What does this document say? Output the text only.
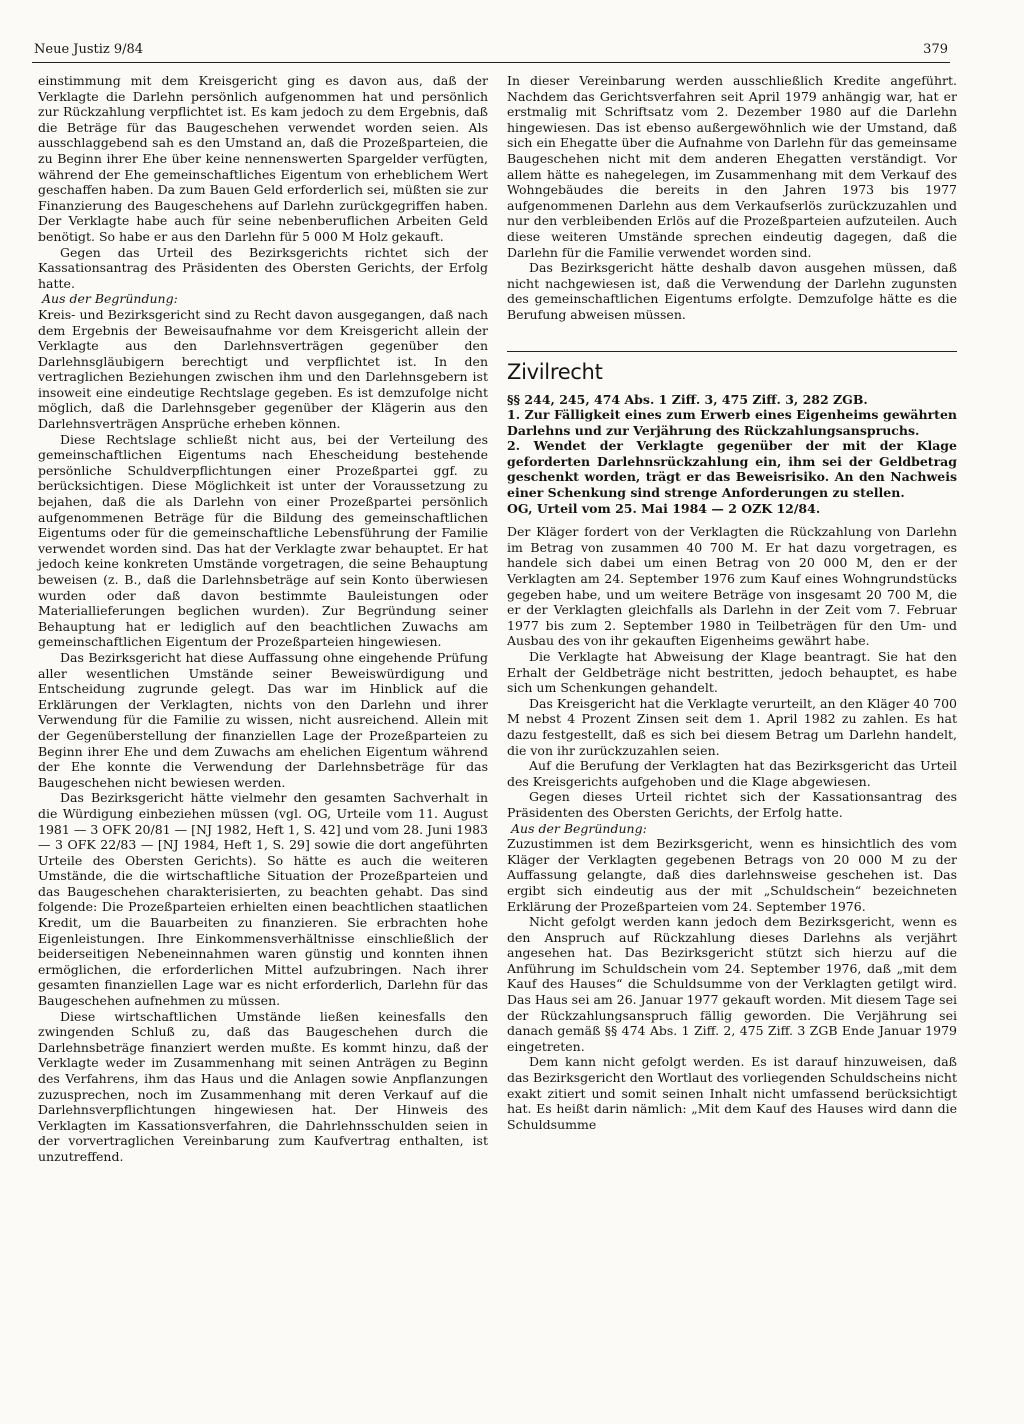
Neue Justiz 9/84	379

einstimmung mit dem Kreisgericht ging es davon aus, daß der Verklagte die Darlehn persönlich aufgenommen hat und persönlich zur Rückzahlung verpflichtet ist. Es kam jedoch zu dem Ergebnis, daß die Beträge für das Baugeschehen verwendet worden seien. Als ausschlaggebend sah es den Umstand an, daß die Prozeßparteien, die zu Beginn ihrer Ehe über keine nennenswerten Spargelder verfügten, während der Ehe gemeinschaftliches Eigentum von erheblichem Wert geschaffen haben. Da zum Bauen Geld erforderlich sei, müßten sie zur Finanzierung des Baugeschehens auf Darlehn zurückgegriffen haben. Der Verklagte habe auch für seine nebenberuflichen Arbeiten Geld benötigt. So habe er aus den Darlehn für 5 000 M Holz gekauft.

Gegen das Urteil des Bezirksgerichts richtet sich der Kassationsantrag des Präsidenten des Obersten Gerichts, der Erfolg hatte.

Aus der Begründung:

Kreis- und Bezirksgericht sind zu Recht davon ausgegangen, daß nach dem Ergebnis der Beweisaufnahme vor dem Kreisgericht allein der Verklagte aus den Darlehnsverträgen gegenüber den Darlehnsgläubigern berechtigt und verpflichtet ist. In den vertraglichen Beziehungen zwischen ihm und den Darlehnsgebern ist insoweit eine eindeutige Rechtslage gegeben. Es ist demzufolge nicht möglich, daß die Darlehnsgeber gegenüber der Klägerin aus den Darlehnsverträgen Ansprüche erheben können.

Diese Rechtslage schließt nicht aus, bei der Verteilung des gemeinschaftlichen Eigentums nach Ehescheidung bestehende persönliche Schuldverpflichtungen einer Prozeßpartei ggf. zu berücksichtigen. Diese Möglichkeit ist unter der Voraussetzung zu bejahen, daß die als Darlehn von einer Prozeßpartei persönlich aufgenommenen Beträge für die Bildung des gemeinschaftlichen Eigentums oder für die gemeinschaftliche Lebensführung der Familie verwendet worden sind. Das hat der Verklagte zwar behauptet. Er hat jedoch keine konkreten Umstände vorgetragen, die seine Behauptung beweisen (z. B., daß die Darlehnsbeträge auf sein Konto überwiesen wurden oder daß davon bestimmte Bauleistungen oder Materiallieferungen beglichen wurden). Zur Begründung seiner Behauptung hat er lediglich auf den beachtlichen Zuwachs am gemeinschaftlichen Eigentum der Prozeßparteien hingewiesen.

Das Bezirksgericht hat diese Auffassung ohne eingehende Prüfung aller wesentlichen Umstände seiner Beweiswürdigung und Entscheidung zugrunde gelegt. Das war im Hinblick auf die Erklärungen der Verklagten, nichts von den Darlehn und ihrer Verwendung für die Familie zu wissen, nicht ausreichend. Allein mit der Gegenüberstellung der finanziellen Lage der Prozeßparteien zu Beginn ihrer Ehe und dem Zuwachs am ehelichen Eigentum während der Ehe konnte die Verwendung der Darlehnsbeträge für das Baugeschehen nicht bewiesen werden.

Das Bezirksgericht hätte vielmehr den gesamten Sachverhalt in die Würdigung einbeziehen müssen (vgl. OG, Urteile vom 11. August 1981 — 3 OFK 20/81 — [NJ 1982, Heft 1, S. 42] und vom 28. Juni 1983 — 3 OFK 22/83 — [NJ 1984, Heft 1, S. 29] sowie die dort angeführten Urteile des Obersten Gerichts). So hätte es auch die weiteren Umstände, die die wirtschaftliche Situation der Prozeßparteien und das Baugeschehen charakterisierten, zu beachten gehabt. Das sind folgende: Die Prozeßparteien erhielten einen beachtlichen staatlichen Kredit, um die Bauarbeiten zu finanzieren. Sie erbrachten hohe Eigenleistungen. Ihre Einkommensverhältnisse einschließlich der beiderseitigen Nebeneinnahmen waren günstig und konnten ihnen ermöglichen, die erforderlichen Mittel aufzubringen. Nach ihrer gesamten finanziellen Lage war es nicht erforderlich, Darlehn für das Baugeschehen aufnehmen zu müssen.

Diese wirtschaftlichen Umstände ließen keinesfalls den zwingenden Schluß zu, daß das Baugeschehen durch die Darlehnsbeträge finanziert werden mußte. Es kommt hinzu, daß der Verklagte weder im Zusammenhang mit seinen Anträgen zu Beginn des Verfahrens, ihm das Haus und die Anlagen sowie Anpflanzungen zuzusprechen, noch im Zusammenhang mit deren Verkauf auf die Darlehnsverpflichtungen hingewiesen hat. Der Hinweis des Verklagten im Kassationsverfahren, die Dahrlehnsschulden seien in der vorvertraglichen Vereinbarung zum Kaufvertrag enthalten, ist unzutreffend.

In dieser Vereinbarung werden ausschließlich Kredite angeführt. Nachdem das Gerichtsverfahren seit April 1979 anhängig war, hat er erstmalig mit Schriftsatz vom 2. Dezember 1980 auf die Darlehn hingewiesen. Das ist ebenso außergewöhnlich wie der Umstand, daß sich ein Ehegatte über die Aufnahme von Darlehn für das gemeinsame Baugeschehen nicht mit dem anderen Ehegatten verständigt. Vor allem hätte es nahegelegen, im Zusammenhang mit dem Verkauf des Wohngebäudes die bereits in den Jahren 1973 bis 1977 aufgenommenen Darlehn aus dem Verkaufserlös zurückzuzahlen und nur den verbleibenden Erlös auf die Prozeßparteien aufzuteilen. Auch diese weiteren Umstände sprechen eindeutig dagegen, daß die Darlehn für die Familie verwendet worden sind.

Das Bezirksgericht hätte deshalb davon ausgehen müssen, daß nicht nachgewiesen ist, daß die Verwendung der Darlehn zugunsten des gemeinschaftlichen Eigentums erfolgte. Demzufolge hätte es die Berufung abweisen müssen.

Zivilrecht

§§ 244, 245, 474 Abs. 1 Ziff. 3, 475 Ziff. 3, 282 ZGB.

1. Zur Fälligkeit eines zum Erwerb eines Eigenheims gewährten Darlehns und zur Verjährung des Rückzahlungsanspruchs.

2. Wendet der Verklagte gegenüber der mit der Klage geforderten Darlehnsrückzahlung ein, ihm sei der Geldbetrag geschenkt worden, trägt er das Beweisrisiko. An den Nachweis einer Schenkung sind strenge Anforderungen zu stellen.

OG, Urteil vom 25. Mai 1984 — 2 OZK 12/84.

Der Kläger fordert von der Verklagten die Rückzahlung von Darlehn im Betrag von zusammen 40 700 M. Er hat dazu vorgetragen, es handele sich dabei um einen Betrag von 20 000 M, den er der Verklagten am 24. September 1976 zum Kauf eines Wohngrundstücks gegeben habe, und um weitere Beträge von insgesamt 20 700 M, die er der Verklagten gleichfalls als Darlehn in der Zeit vom 7. Februar 1977 bis zum 2. September 1980 in Teilbeträgen für den Um- und Ausbau des von ihr gekauften Eigenheims gewährt habe.

Die Verklagte hat Abweisung der Klage beantragt. Sie hat den Erhalt der Geldbeträge nicht bestritten, jedoch behauptet, es habe sich um Schenkungen gehandelt.

Das Kreisgericht hat die Verklagte verurteilt, an den Kläger 40 700 M nebst 4 Prozent Zinsen seit dem 1. April 1982 zu zahlen. Es hat dazu festgestellt, daß es sich bei diesem Betrag um Darlehn handelt, die von ihr zurückzuzahlen seien.

Auf die Berufung der Verklagten hat das Bezirksgericht das Urteil des Kreisgerichts aufgehoben und die Klage abgewiesen.

Gegen dieses Urteil richtet sich der Kassationsantrag des Präsidenten des Obersten Gerichts, der Erfolg hatte.

Aus der Begründung:

Zuzustimmen ist dem Bezirksgericht, wenn es hinsichtlich des vom Kläger der Verklagten gegebenen Betrags von 20 000 M zu der Auffassung gelangte, daß dies darlehnsweise geschehen ist. Das ergibt sich eindeutig aus der mit „Schuldschein“ bezeichneten Erklärung der Prozeßparteien vom 24. September 1976.

Nicht gefolgt werden kann jedoch dem Bezirksgericht, wenn es den Anspruch auf Rückzahlung dieses Darlehns als verjährt angesehen hat. Das Bezirksgericht stützt sich hierzu auf die Anführung im Schuldschein vom 24. September 1976, daß „mit dem Kauf des Hauses“ die Schuldsumme von der Verklagten getilgt wird. Das Haus sei am 26. Januar 1977 gekauft worden. Mit diesem Tage sei der Rückzahlungsanspruch fällig geworden. Die Verjährung sei danach gemäß §§ 474 Abs. 1 Ziff. 2, 475 Ziff. 3 ZGB Ende Januar 1979 eingetreten.

Dem kann nicht gefolgt werden. Es ist darauf hinzuweisen, daß das Bezirksgericht den Wortlaut des vorliegenden Schuldscheins nicht exakt zitiert und somit seinen Inhalt nicht umfassend berücksichtigt hat. Es heißt darin nämlich: „Mit dem Kauf des Hauses wird dann die Schuldsumme
